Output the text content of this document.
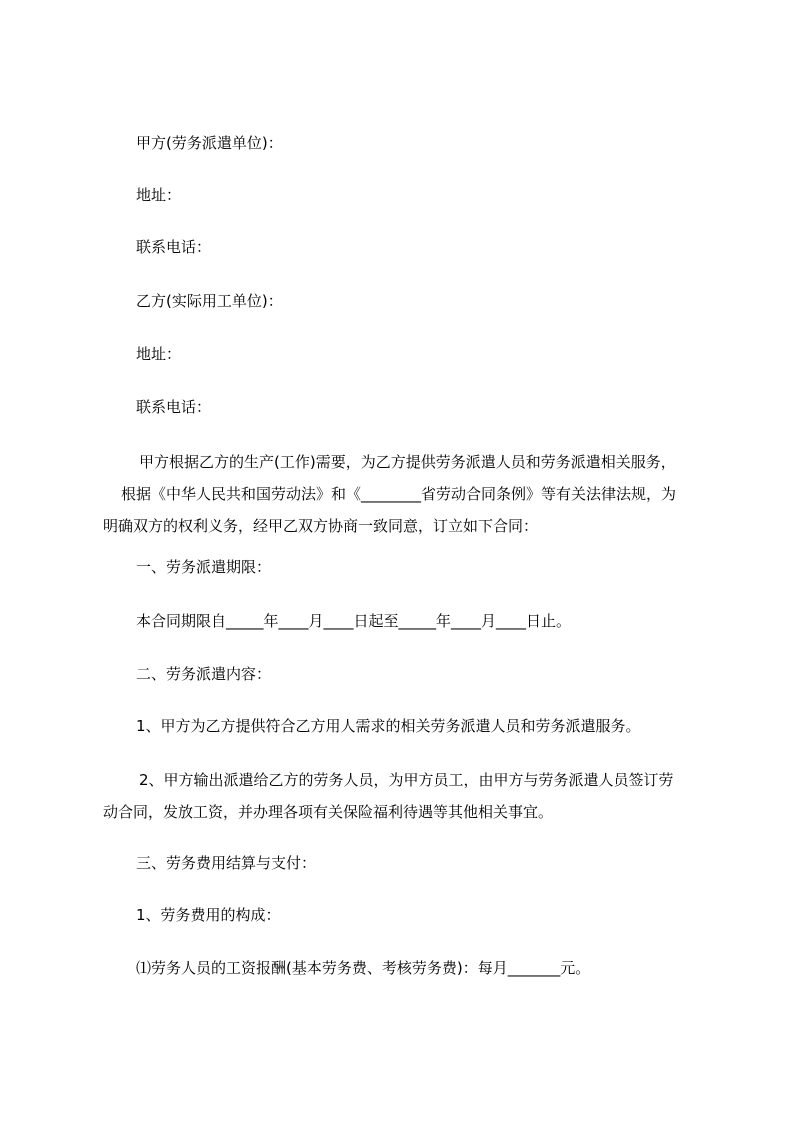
甲方(劳务派遣单位)：
地址：
联系电话：
乙方(实际用工单位)：
地址：
联系电话：
甲方根据乙方的生产(工作)需要，为乙方提供劳务派遣人员和劳务派遣相关服务，
根据《中华人民共和国劳动法》和《________省劳动合同条例》等有关法律法规，为
明确双方的权利义务，经甲乙双方协商一致同意，订立如下合同：
一、劳务派遣期限：
本合同期限自_____年____月____日起至_____年____月____日止。
二、劳务派遣内容：
1、甲方为乙方提供符合乙方用人需求的相关劳务派遣人员和劳务派遣服务。
2、甲方输出派遣给乙方的劳务人员，为甲方员工，由甲方与劳务派遣人员签订劳
动合同，发放工资，并办理各项有关保险福利待遇等其他相关事宜。
三、劳务费用结算与支付：
1、劳务费用的构成：
⑴劳务人员的工资报酬(基本劳务费、考核劳务费)：每月_______元。
